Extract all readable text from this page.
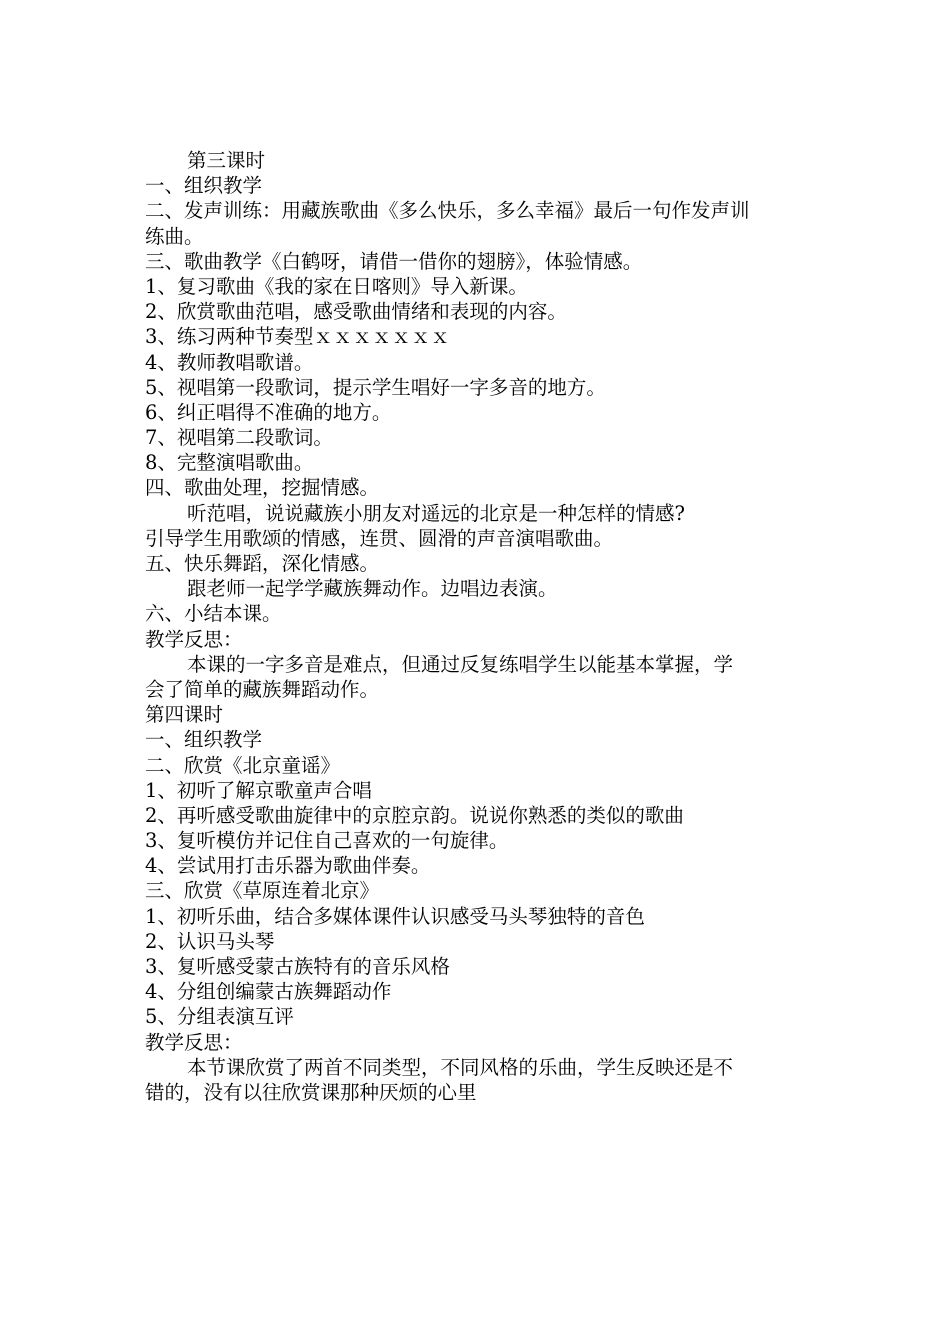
第三课时

一、组织教学

二、发声训练：用藏族歌曲《多么快乐，多么幸福》最后一句作发声训

练曲。

三、歌曲教学《白鹤呀，请借一借你的翅膀》，体验情感。

1、复习歌曲《我的家在日喀则》导入新课。

2、欣赏歌曲范唱，感受歌曲情绪和表现的内容。

3、练习两种节奏型ｘｘｘｘｘｘｘ

4、教师教唱歌谱。

5、视唱第一段歌词，提示学生唱好一字多音的地方。

6、纠正唱得不准确的地方。

7、视唱第二段歌词。

8、完整演唱歌曲。

四、歌曲处理，挖掘情感。

听范唱，说说藏族小朋友对遥远的北京是一种怎样的情感?

引导学生用歌颂的情感，连贯、圆滑的声音演唱歌曲。

五、快乐舞蹈，深化情感。

跟老师一起学学藏族舞动作。边唱边表演。

六、小结本课。

教学反思：

本课的一字多音是难点，但通过反复练唱学生以能基本掌握，学

会了简单的藏族舞蹈动作。

第四课时

一、组织教学

二、欣赏《北京童谣》

1、初听了解京歌童声合唱

2、再听感受歌曲旋律中的京腔京韵。说说你熟悉的类似的歌曲

3、复听模仿并记住自己喜欢的一句旋律。

4、尝试用打击乐器为歌曲伴奏。

三、欣赏《草原连着北京》

1、初听乐曲，结合多媒体课件认识感受马头琴独特的音色

2、认识马头琴

3、复听感受蒙古族特有的音乐风格

4、分组创编蒙古族舞蹈动作

5、分组表演互评

教学反思：

本节课欣赏了两首不同类型，不同风格的乐曲，学生反映还是不

错的，没有以往欣赏课那种厌烦的心里
